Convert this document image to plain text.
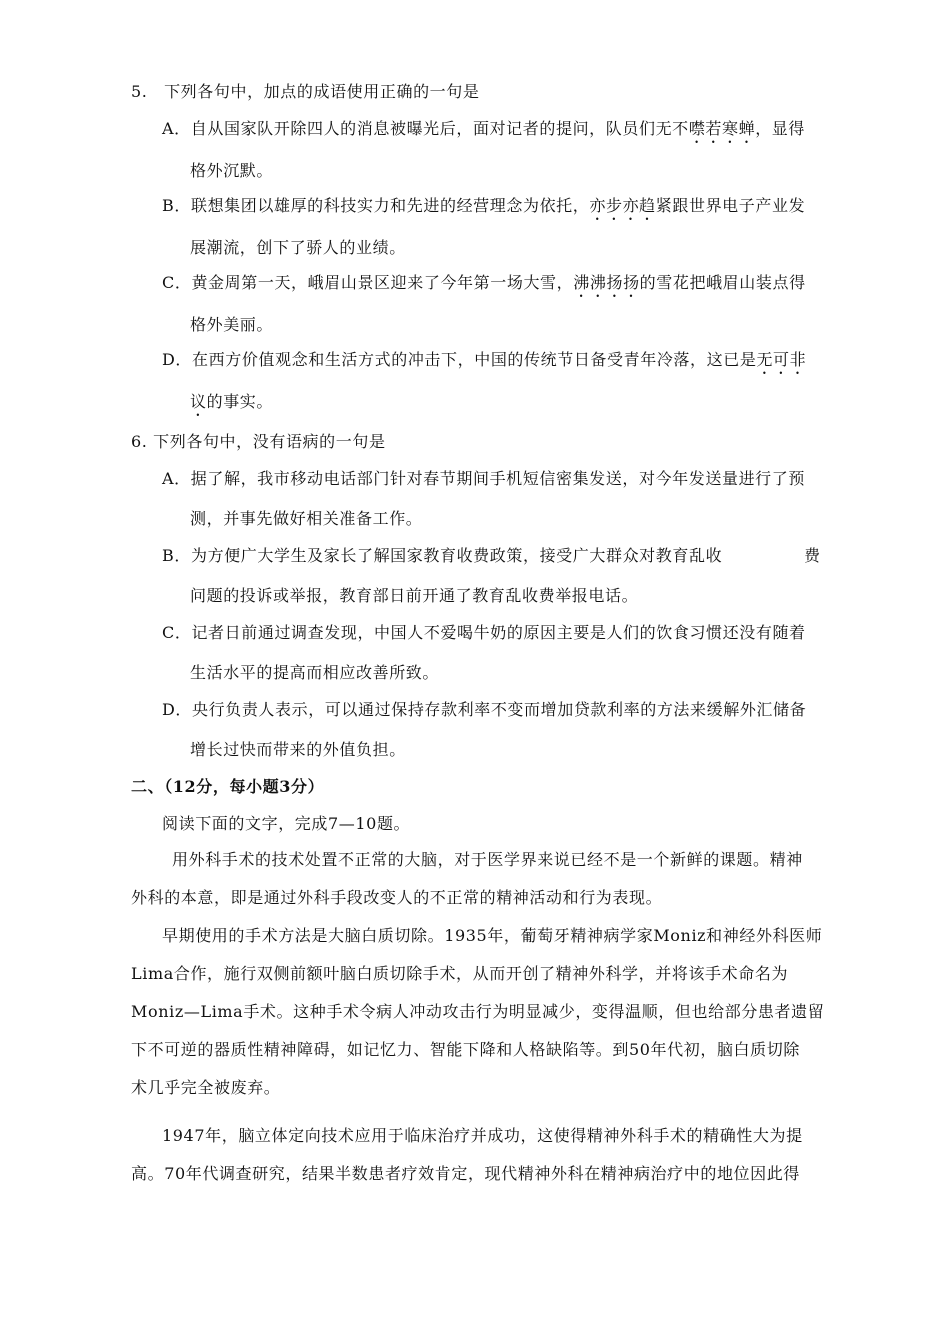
5.　下列各句中，加点的成语使用正确的一句是
A．自从国家队开除四人的消息被曝光后，面对记者的提问，队员们无不噤若寒蝉，显得
格外沉默。
B．联想集团以雄厚的科技实力和先进的经营理念为依托，亦步亦趋紧跟世界电子产业发
展潮流，创下了骄人的业绩。
C．黄金周第一天，峨眉山景区迎来了今年第一场大雪，沸沸扬扬的雪花把峨眉山装点得
格外美丽。
D．在西方价值观念和生活方式的冲击下，中国的传统节日备受青年冷落，这已是无可非
议的事实。
6. 下列各句中，没有语病的一句是
A．据了解，我市移动电话部门针对春节期间手机短信密集发送，对今年发送量进行了预
测，并事先做好相关准备工作。
B．为方便广大学生及家长了解国家教育收费政策，接受广大群众对教育乱收	费
问题的投诉或举报，教育部日前开通了教育乱收费举报电话。
C．记者日前通过调查发现，中国人不爱喝牛奶的原因主要是人们的饮食习惯还没有随着
生活水平的提高而相应改善所致。
D．央行负责人表示，可以通过保持存款利率不变而增加贷款利率的方法来缓解外汇储备
增长过快而带来的外值负担。
二、（12分，每小题3分）
阅读下面的文字，完成7—10题。
用外科手术的技术处置不正常的大脑，对于医学界来说已经不是一个新鲜的课题。精神
外科的本意，即是通过外科手段改变人的不正常的精神活动和行为表现。
早期使用的手术方法是大脑白质切除。1935年，葡萄牙精神病学家Moniz和神经外科医师
Lima合作，施行双侧前额叶脑白质切除手术，从而开创了精神外科学，并将该手术命名为
Moniz—Lima手术。这种手术令病人冲动攻击行为明显减少，变得温顺，但也给部分患者遗留
下不可逆的器质性精神障碍，如记忆力、智能下降和人格缺陷等。到50年代初，脑白质切除
术几乎完全被废弃。
1947年，脑立体定向技术应用于临床治疗并成功，这使得精神外科手术的精确性大为提
高。70年代调查研究，结果半数患者疗效肯定，现代精神外科在精神病治疗中的地位因此得
